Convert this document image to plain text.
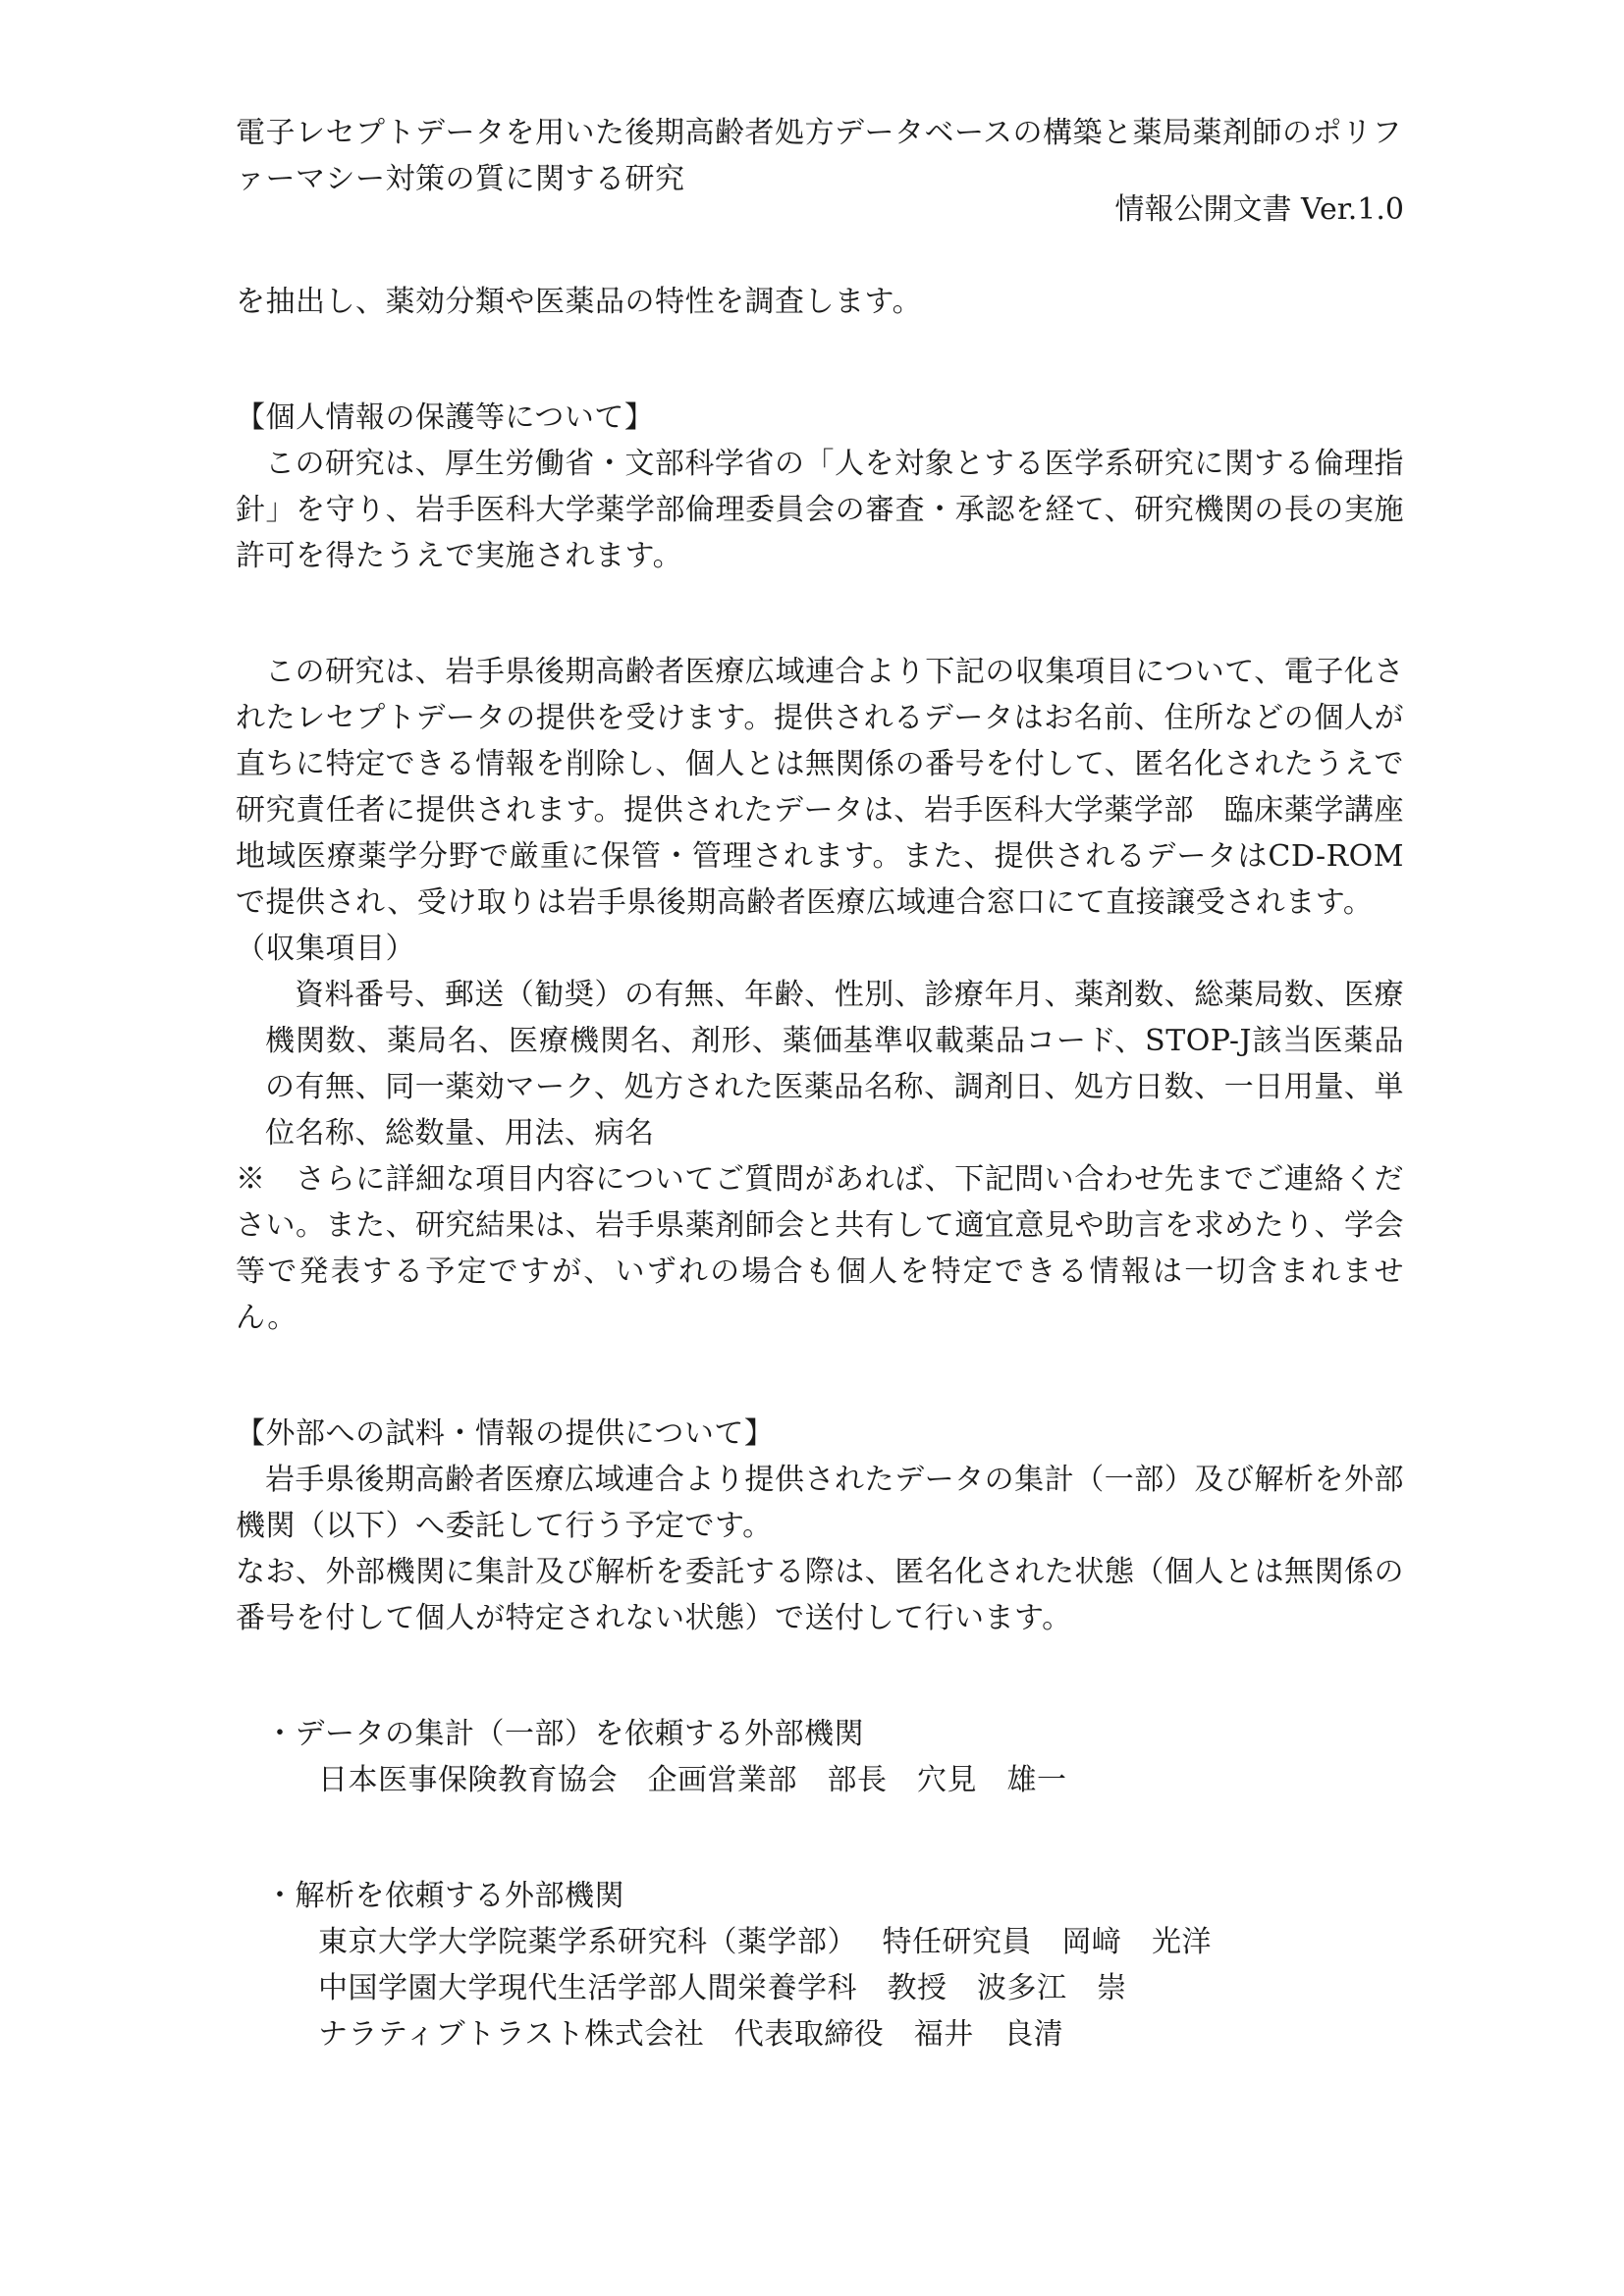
電子レセプトデータを用いた後期高齢者処方データベースの構築と薬局薬剤師のポリファーマシー対策の質に関する研究
情報公開文書 Ver.1.0
を抽出し、薬効分類や医薬品の特性を調査します。
【個人情報の保護等について】
この研究は、厚生労働省・文部科学省の「人を対象とする医学系研究に関する倫理指針」を守り、岩手医科大学薬学部倫理委員会の審査・承認を経て、研究機関の長の実施許可を得たうえで実施されます。
この研究は、岩手県後期高齢者医療広域連合より下記の収集項目について、電子化されたレセプトデータの提供を受けます。提供されるデータはお名前、住所などの個人が直ちに特定できる情報を削除し、個人とは無関係の番号を付して、匿名化されたうえで研究責任者に提供されます。提供されたデータは、岩手医科大学薬学部　臨床薬学講座地域医療薬学分野で厳重に保管・管理されます。また、提供されるデータはCD-ROMで提供され、受け取りは岩手県後期高齢者医療広域連合窓口にて直接譲受されます。
（収集項目）
資料番号、郵送（勧奨）の有無、年齢、性別、診療年月、薬剤数、総薬局数、医療機関数、薬局名、医療機関名、剤形、薬価基準収載薬品コード、STOP-J該当医薬品の有無、同一薬効マーク、処方された医薬品名称、調剤日、処方日数、一日用量、単位名称、総数量、用法、病名
※　さらに詳細な項目内容についてご質問があれば、下記問い合わせ先までご連絡ください。また、研究結果は、岩手県薬剤師会と共有して適宜意見や助言を求めたり、学会等で発表する予定ですが、いずれの場合も個人を特定できる情報は一切含まれません。
【外部への試料・情報の提供について】
岩手県後期高齢者医療広域連合より提供されたデータの集計（一部）及び解析を外部機関（以下）へ委託して行う予定です。
なお、外部機関に集計及び解析を委託する際は、匿名化された状態（個人とは無関係の番号を付して個人が特定されない状態）で送付して行います。
・データの集計（一部）を依頼する外部機関
日本医事保険教育協会　企画営業部　部長　穴見　雄一
・解析を依頼する外部機関
東京大学大学院薬学系研究科（薬学部）　 特任研究員　岡﨑　光洋
中国学園大学現代生活学部人間栄養学科　教授　波多江　崇
ナラティブトラスト株式会社　代表取締役　福井　良清
